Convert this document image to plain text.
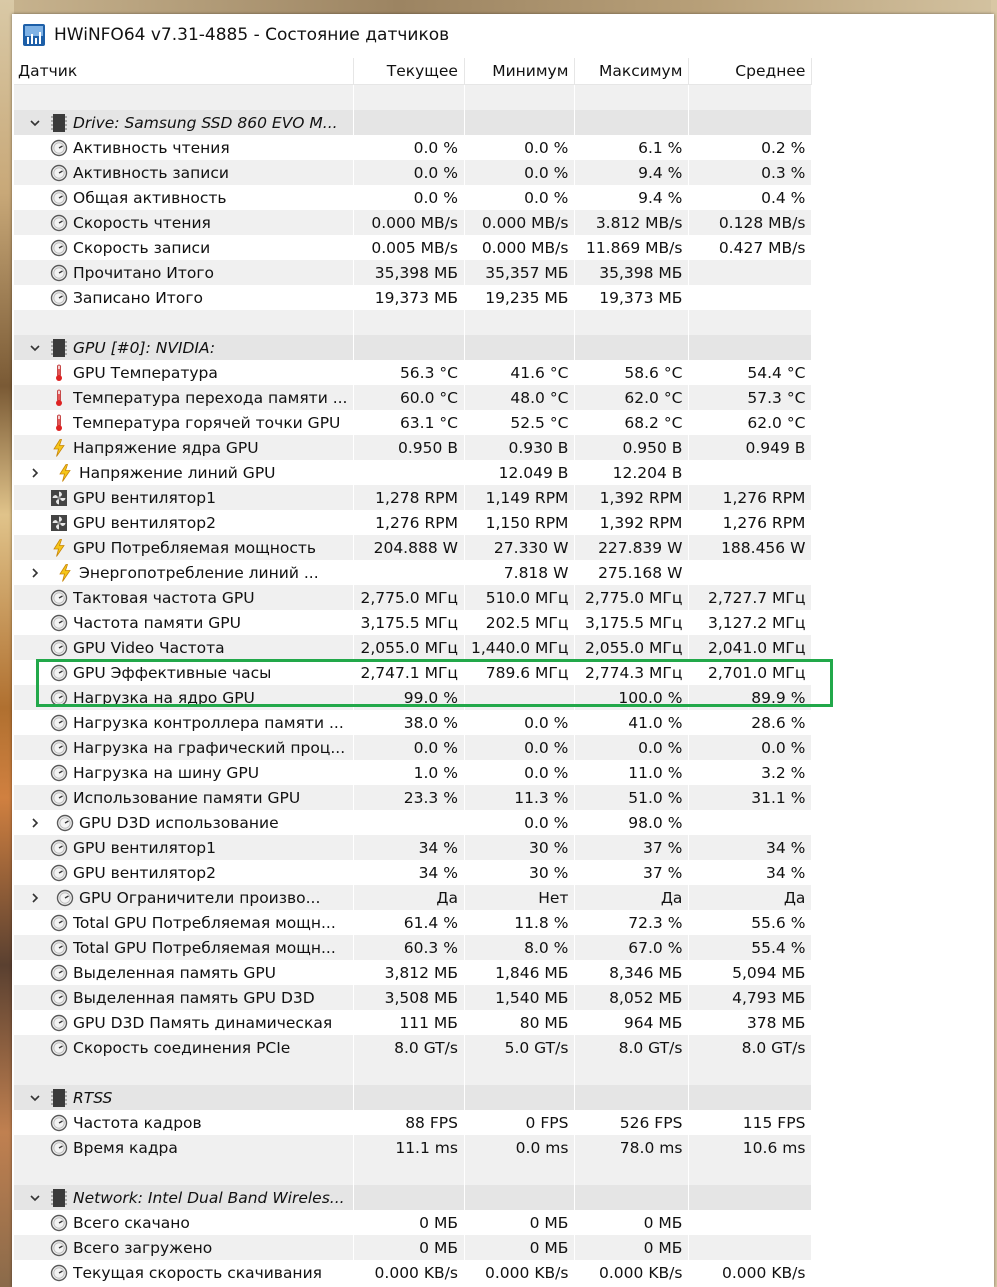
HWiNFO64 v7.31-4885 - Состояние датчиков
Датчик	Текущее	Минимум	Максимум	Среднее

Drive: Samsung SSD 860 EVO M...				

Активность чтения	0.0 %	0.0 %	6.1 %	0.2 %

Активность записи	0.0 %	0.0 %	9.4 %	0.3 %

Общая активность	0.0 %	0.0 %	9.4 %	0.4 %

Скорость чтения	0.000 MB/s	0.000 MB/s	3.812 MB/s	0.128 MB/s

Скорость записи	0.005 MB/s	0.000 MB/s	11.869 MB/s	0.427 MB/s

Прочитано Итого	35,398 МБ	35,357 МБ	35,398 МБ	

Записано Итого	19,373 МБ	19,235 МБ	19,373 МБ	

GPU [#0]: NVIDIA:				

GPU Температура	56.3 °C	41.6 °C	58.6 °C	54.4 °C

Температура перехода памяти ...	60.0 °C	48.0 °C	62.0 °C	57.3 °C

Температура горячей точки GPU	63.1 °C	52.5 °C	68.2 °C	62.0 °C

Напряжение ядра GPU	0.950 В	0.930 В	0.950 В	0.949 В

Напряжение линий GPU		12.049 В	12.204 В	

GPU вентилятор1	1,278 RPM	1,149 RPM	1,392 RPM	1,276 RPM

GPU вентилятор2	1,276 RPM	1,150 RPM	1,392 RPM	1,276 RPM

GPU Потребляемая мощность	204.888 W	27.330 W	227.839 W	188.456 W

Энергопотребление линий ...		7.818 W	275.168 W	

Тактовая частота GPU	2,775.0 МГц	510.0 МГц	2,775.0 МГц	2,727.7 МГц

Частота памяти GPU	3,175.5 МГц	202.5 МГц	3,175.5 МГц	3,127.2 МГц

GPU Video Частота	2,055.0 МГц	1,440.0 МГц	2,055.0 МГц	2,041.0 МГц

GPU Эффективные часы	2,747.1 МГц	789.6 МГц	2,774.3 МГц	2,701.0 МГц

Нагрузка на ядро GPU	99.0 %		100.0 %	89.9 %

Нагрузка контроллера памяти ...	38.0 %	0.0 %	41.0 %	28.6 %

Нагрузка на графический проц...	0.0 %	0.0 %	0.0 %	0.0 %

Нагрузка на шину GPU	1.0 %	0.0 %	11.0 %	3.2 %

Использование памяти GPU	23.3 %	11.3 %	51.0 %	31.1 %

GPU D3D использование		0.0 %	98.0 %	

GPU вентилятор1	34 %	30 %	37 %	34 %

GPU вентилятор2	34 %	30 %	37 %	34 %

GPU Ограничители произво...	Да	Нет	Да	Да

Total GPU Потребляемая мощн...	61.4 %	11.8 %	72.3 %	55.6 %

Total GPU Потребляемая мощн...	60.3 %	8.0 %	67.0 %	55.4 %

Выделенная память GPU	3,812 МБ	1,846 МБ	8,346 МБ	5,094 МБ

Выделенная память GPU D3D	3,508 МБ	1,540 МБ	8,052 МБ	4,793 МБ

GPU D3D Память динамическая	111 МБ	80 МБ	964 МБ	378 МБ

Скорость соединения PCIe	8.0 GT/s	5.0 GT/s	8.0 GT/s	8.0 GT/s

RTSS				

Частота кадров	88 FPS	0 FPS	526 FPS	115 FPS

Время кадра	11.1 ms	0.0 ms	78.0 ms	10.6 ms

Network: Intel Dual Band Wireles...				

Всего скачано	0 МБ	0 МБ	0 МБ	

Всего загружено	0 МБ	0 МБ	0 МБ	

Текущая скорость скачивания	0.000 KB/s	0.000 KB/s	0.000 KB/s	0.000 KB/s
